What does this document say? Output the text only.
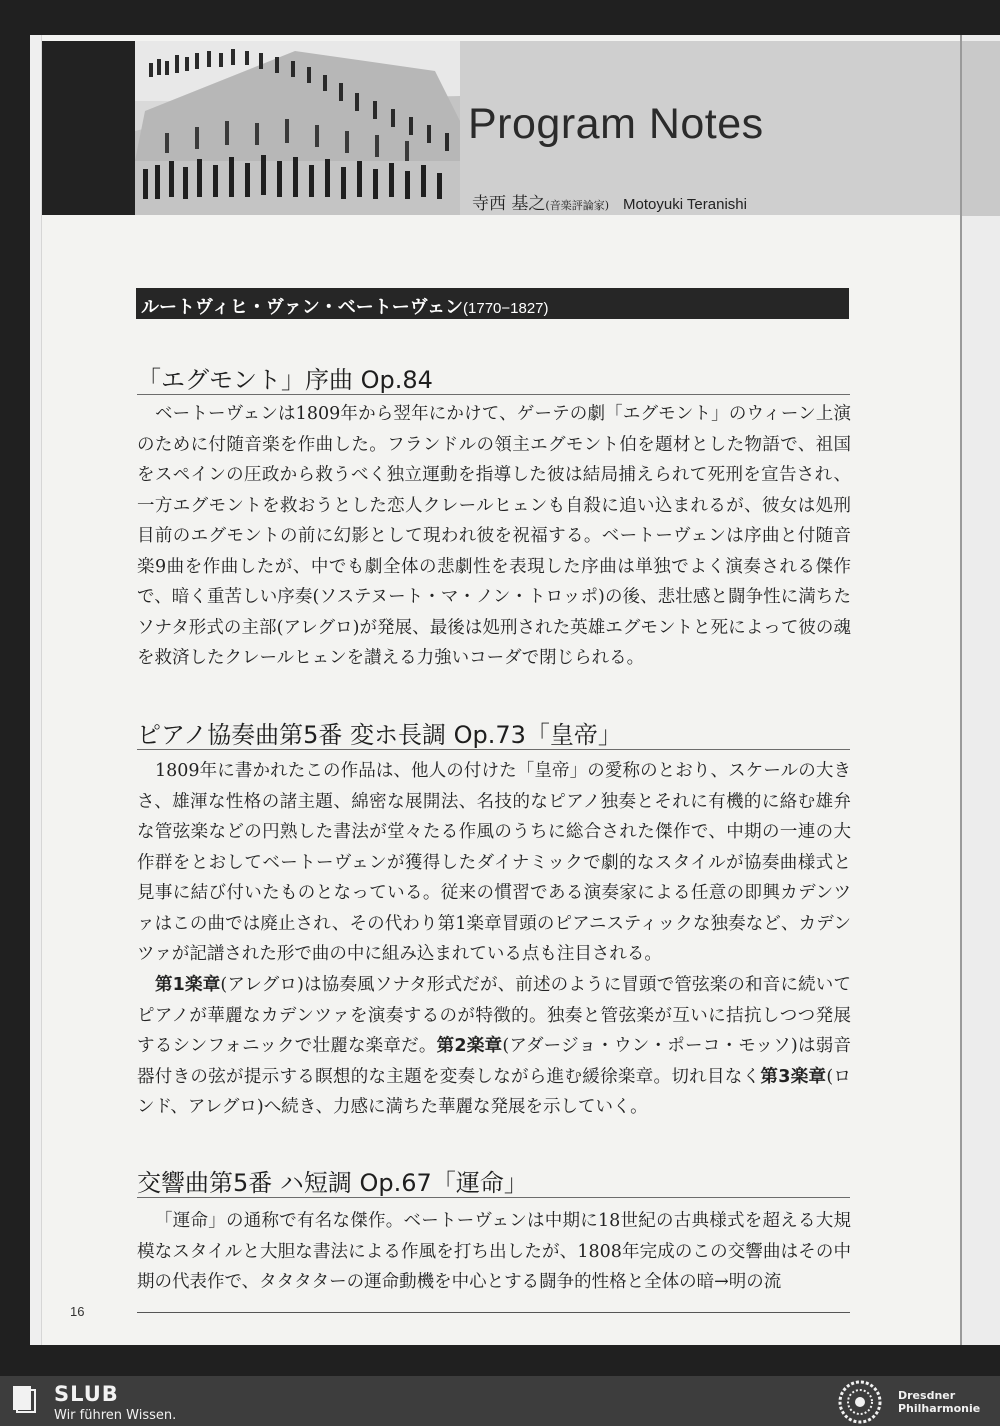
Program Notes
寺西 基之(音楽評論家) Motoyuki Teranishi
ルートヴィヒ・ヴァン・ベートーヴェン(1770−1827)
「エグモント」序曲 Op.84

ベートーヴェンは1809年から翌年にかけて、ゲーテの劇「エグモント」のウィーン上演のために付随音楽を作曲した。フランドルの領主エグモント伯を題材とした物語で、祖国をスペインの圧政から救うべく独立運動を指導した彼は結局捕えられて死刑を宣告され、一方エグモントを救おうとした恋人クレールヒェンも自殺に追い込まれるが、彼女は処刑目前のエグモントの前に幻影として現われ彼を祝福する。ベートーヴェンは序曲と付随音楽9曲を作曲したが、中でも劇全体の悲劇性を表現した序曲は単独でよく演奏される傑作で、暗く重苦しい序奏(ソステヌート・マ・ノン・トロッポ)の後、悲壮感と闘争性に満ちたソナタ形式の主部(アレグロ)が発展、最後は処刑された英雄エグモントと死によって彼の魂を救済したクレールヒェンを讃える力強いコーダで閉じられる。

ピアノ協奏曲第5番 変ホ長調 Op.73「皇帝」

1809年に書かれたこの作品は、他人の付けた「皇帝」の愛称のとおり、スケールの大きさ、雄渾な性格の諸主題、綿密な展開法、名技的なピアノ独奏とそれに有機的に絡む雄弁な管弦楽などの円熟した書法が堂々たる作風のうちに総合された傑作で、中期の一連の大作群をとおしてベートーヴェンが獲得したダイナミックで劇的なスタイルが協奏曲様式と見事に結び付いたものとなっている。従来の慣習である演奏家による任意の即興カデンツァはこの曲では廃止され、その代わり第1楽章冒頭のピアニスティックな独奏など、カデンツァが記譜された形で曲の中に組み込まれている点も注目される。

第1楽章(アレグロ)は協奏風ソナタ形式だが、前述のように冒頭で管弦楽の和音に続いてピアノが華麗なカデンツァを演奏するのが特徴的。独奏と管弦楽が互いに拮抗しつつ発展するシンフォニックで壮麗な楽章だ。第2楽章(アダージョ・ウン・ポーコ・モッソ)は弱音器付きの弦が提示する瞑想的な主題を変奏しながら進む緩徐楽章。切れ目なく第3楽章(ロンド、アレグロ)へ続き、力感に満ちた華麗な発展を示していく。

交響曲第5番 ハ短調 Op.67「運命」

「運命」の通称で有名な傑作。ベートーヴェンは中期に18世紀の古典様式を超える大規模なスタイルと大胆な書法による作風を打ち出したが、1808年完成のこの交響曲はその中期の代表作で、タタタターの運命動機を中心とする闘争的性格と全体の暗→明の流

16
SLUB
Wir führen Wissen.
Dresdner
Philharmonie
